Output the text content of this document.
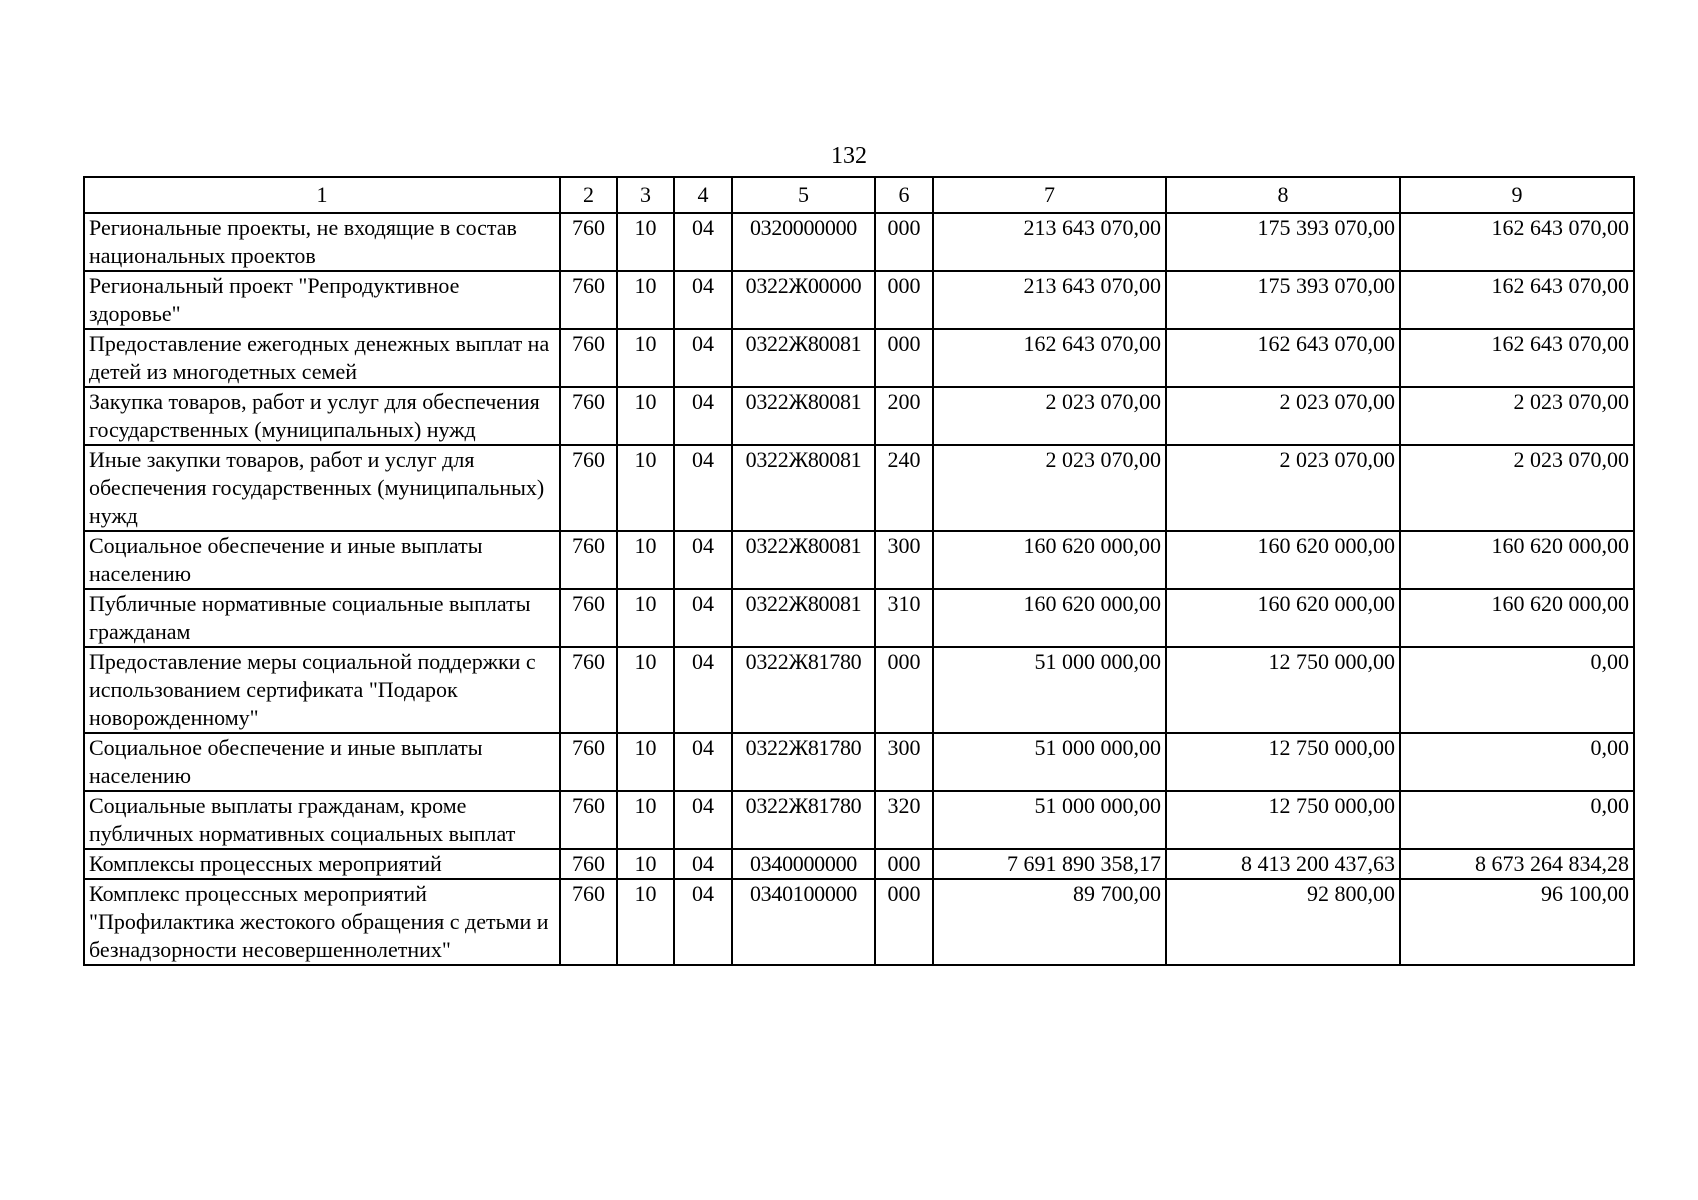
132
1	2	3	4	5	6	7	8	9
Региональные проекты, не входящие в состав национальных проектов	760	10	04	0320000000	000	213 643 070,00	175 393 070,00	162 643 070,00
Региональный проект "Репродуктивное здоровье"	760	10	04	0322Ж00000	000	213 643 070,00	175 393 070,00	162 643 070,00
Предоставление ежегодных денежных выплат на детей из многодетных семей	760	10	04	0322Ж80081	000	162 643 070,00	162 643 070,00	162 643 070,00
Закупка товаров, работ и услуг для обеспечения государственных (муниципальных) нужд	760	10	04	0322Ж80081	200	2 023 070,00	2 023 070,00	2 023 070,00
Иные закупки товаров, работ и услуг для обеспечения государственных (муниципальных) нужд	760	10	04	0322Ж80081	240	2 023 070,00	2 023 070,00	2 023 070,00
Социальное обеспечение и иные выплаты населению	760	10	04	0322Ж80081	300	160 620 000,00	160 620 000,00	160 620 000,00
Публичные нормативные социальные выплаты гражданам	760	10	04	0322Ж80081	310	160 620 000,00	160 620 000,00	160 620 000,00
Предоставление меры социальной поддержки с использованием сертификата "Подарок новорожденному"	760	10	04	0322Ж81780	000	51 000 000,00	12 750 000,00	0,00
Социальное обеспечение и иные выплаты населению	760	10	04	0322Ж81780	300	51 000 000,00	12 750 000,00	0,00
Социальные выплаты гражданам, кроме публичных нормативных социальных выплат	760	10	04	0322Ж81780	320	51 000 000,00	12 750 000,00	0,00
Комплексы процессных мероприятий	760	10	04	0340000000	000	7 691 890 358,17	8 413 200 437,63	8 673 264 834,28
Комплекс процессных мероприятий "Профилактика жестокого обращения с детьми и безнадзорности несовершеннолетних"	760	10	04	0340100000	000	89 700,00	92 800,00	96 100,00
